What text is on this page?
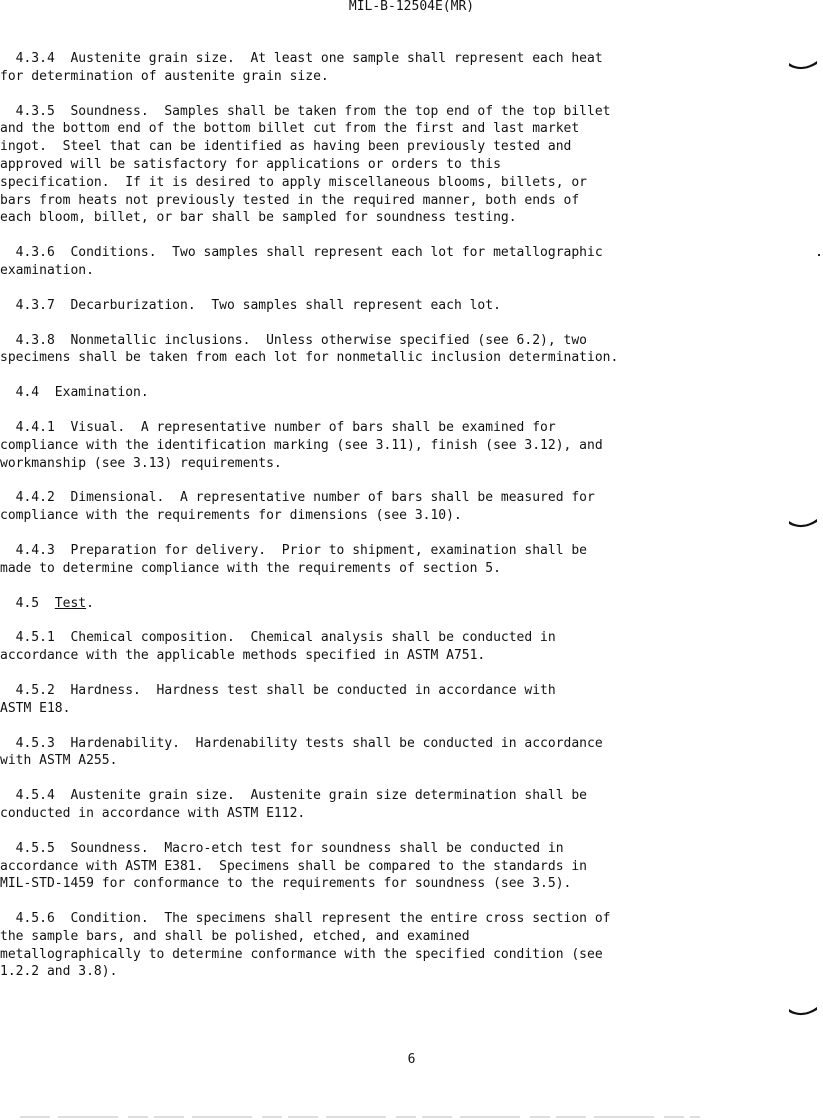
MIL-B-12504E(MR)
4.3.4  Austenite grain size.  At least one sample shall represent each heat
for determination of austenite grain size.
4.3.5  Soundness.  Samples shall be taken from the top end of the top billet
and the bottom end of the bottom billet cut from the first and last market
ingot.  Steel that can be identified as having been previously tested and
approved will be satisfactory for applications or orders to this
specification.  If it is desired to apply miscellaneous blooms, billets, or
bars from heats not previously tested in the required manner, both ends of
each bloom, billet, or bar shall be sampled for soundness testing.
4.3.6  Conditions.  Two samples shall represent each lot for metallographic
examination.
4.3.7  Decarburization.  Two samples shall represent each lot.
4.3.8  Nonmetallic inclusions.  Unless otherwise specified (see 6.2), two
specimens shall be taken from each lot for nonmetallic inclusion determination.
4.4  Examination.
4.4.1  Visual.  A representative number of bars shall be examined for
compliance with the identification marking (see 3.11), finish (see 3.12), and
workmanship (see 3.13) requirements.
4.4.2  Dimensional.  A representative number of bars shall be measured for
compliance with the requirements for dimensions (see 3.10).
4.4.3  Preparation for delivery.  Prior to shipment, examination shall be
made to determine compliance with the requirements of section 5.
4.5  Test.
4.5.1  Chemical composition.  Chemical analysis shall be conducted in
accordance with the applicable methods specified in ASTM A751.
4.5.2  Hardness.  Hardness test shall be conducted in accordance with
ASTM E18.
4.5.3  Hardenability.  Hardenability tests shall be conducted in accordance
with ASTM A255.
4.5.4  Austenite grain size.  Austenite grain size determination shall be
conducted in accordance with ASTM E112.
4.5.5  Soundness.  Macro-etch test for soundness shall be conducted in
accordance with ASTM E381.  Specimens shall be compared to the standards in
MIL-STD-1459 for conformance to the requirements for soundness (see 3.5).
4.5.6  Condition.  The specimens shall represent the entire cross section of
the sample bars, and shall be polished, etched, and examined
metallographically to determine conformance with the specified condition (see
1.2.2 and 3.8).
6
